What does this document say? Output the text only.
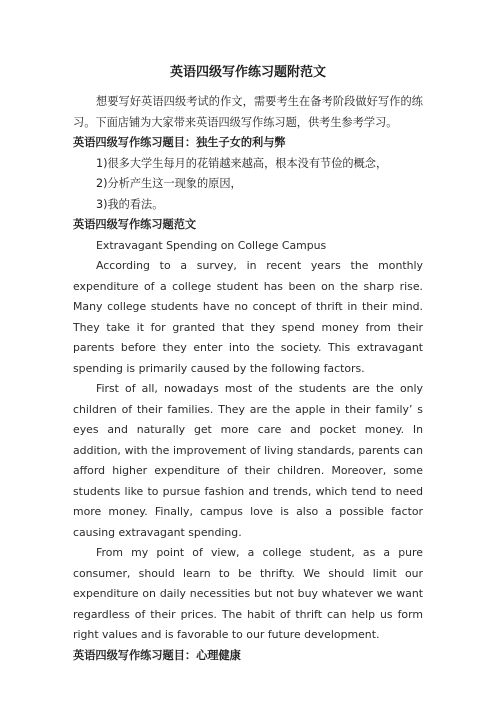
英语四级写作练习题附范文

想要写好英语四级考试的作文，需要考生在备考阶段做好写作的练习。下面店铺为大家带来英语四级写作练习题，供考生参考学习。

英语四级写作练习题目：独生子女的利与弊

1)很多大学生每月的花销越来越高，根本没有节俭的概念，

2)分析产生这一现象的原因，

3)我的看法。

英语四级写作练习题范文

Extravagant Spending on College Campus

According to a survey, in recent years the monthly expenditure of a college student has been on the sharp rise. Many college students have no concept of thrift in their mind. They take it for granted that they spend money from their parents before they enter into the society. This extravagant spending is primarily caused by the following factors.

First of all, nowadays most of the students are the only children of their families. They are the apple in their family’ s eyes and naturally get more care and pocket money. In addition, with the improvement of living standards, parents can afford higher expenditure of their children. Moreover, some students like to pursue fashion and trends, which tend to need more money. Finally, campus love is also a possible factor causing extravagant spending.

From my point of view, a college student, as a pure consumer, should learn to be thrifty. We should limit our expenditure on daily necessities but not buy whatever we want regardless of their prices. The habit of thrift can help us form right values and is favorable to our future development.

英语四级写作练习题目：心理健康
